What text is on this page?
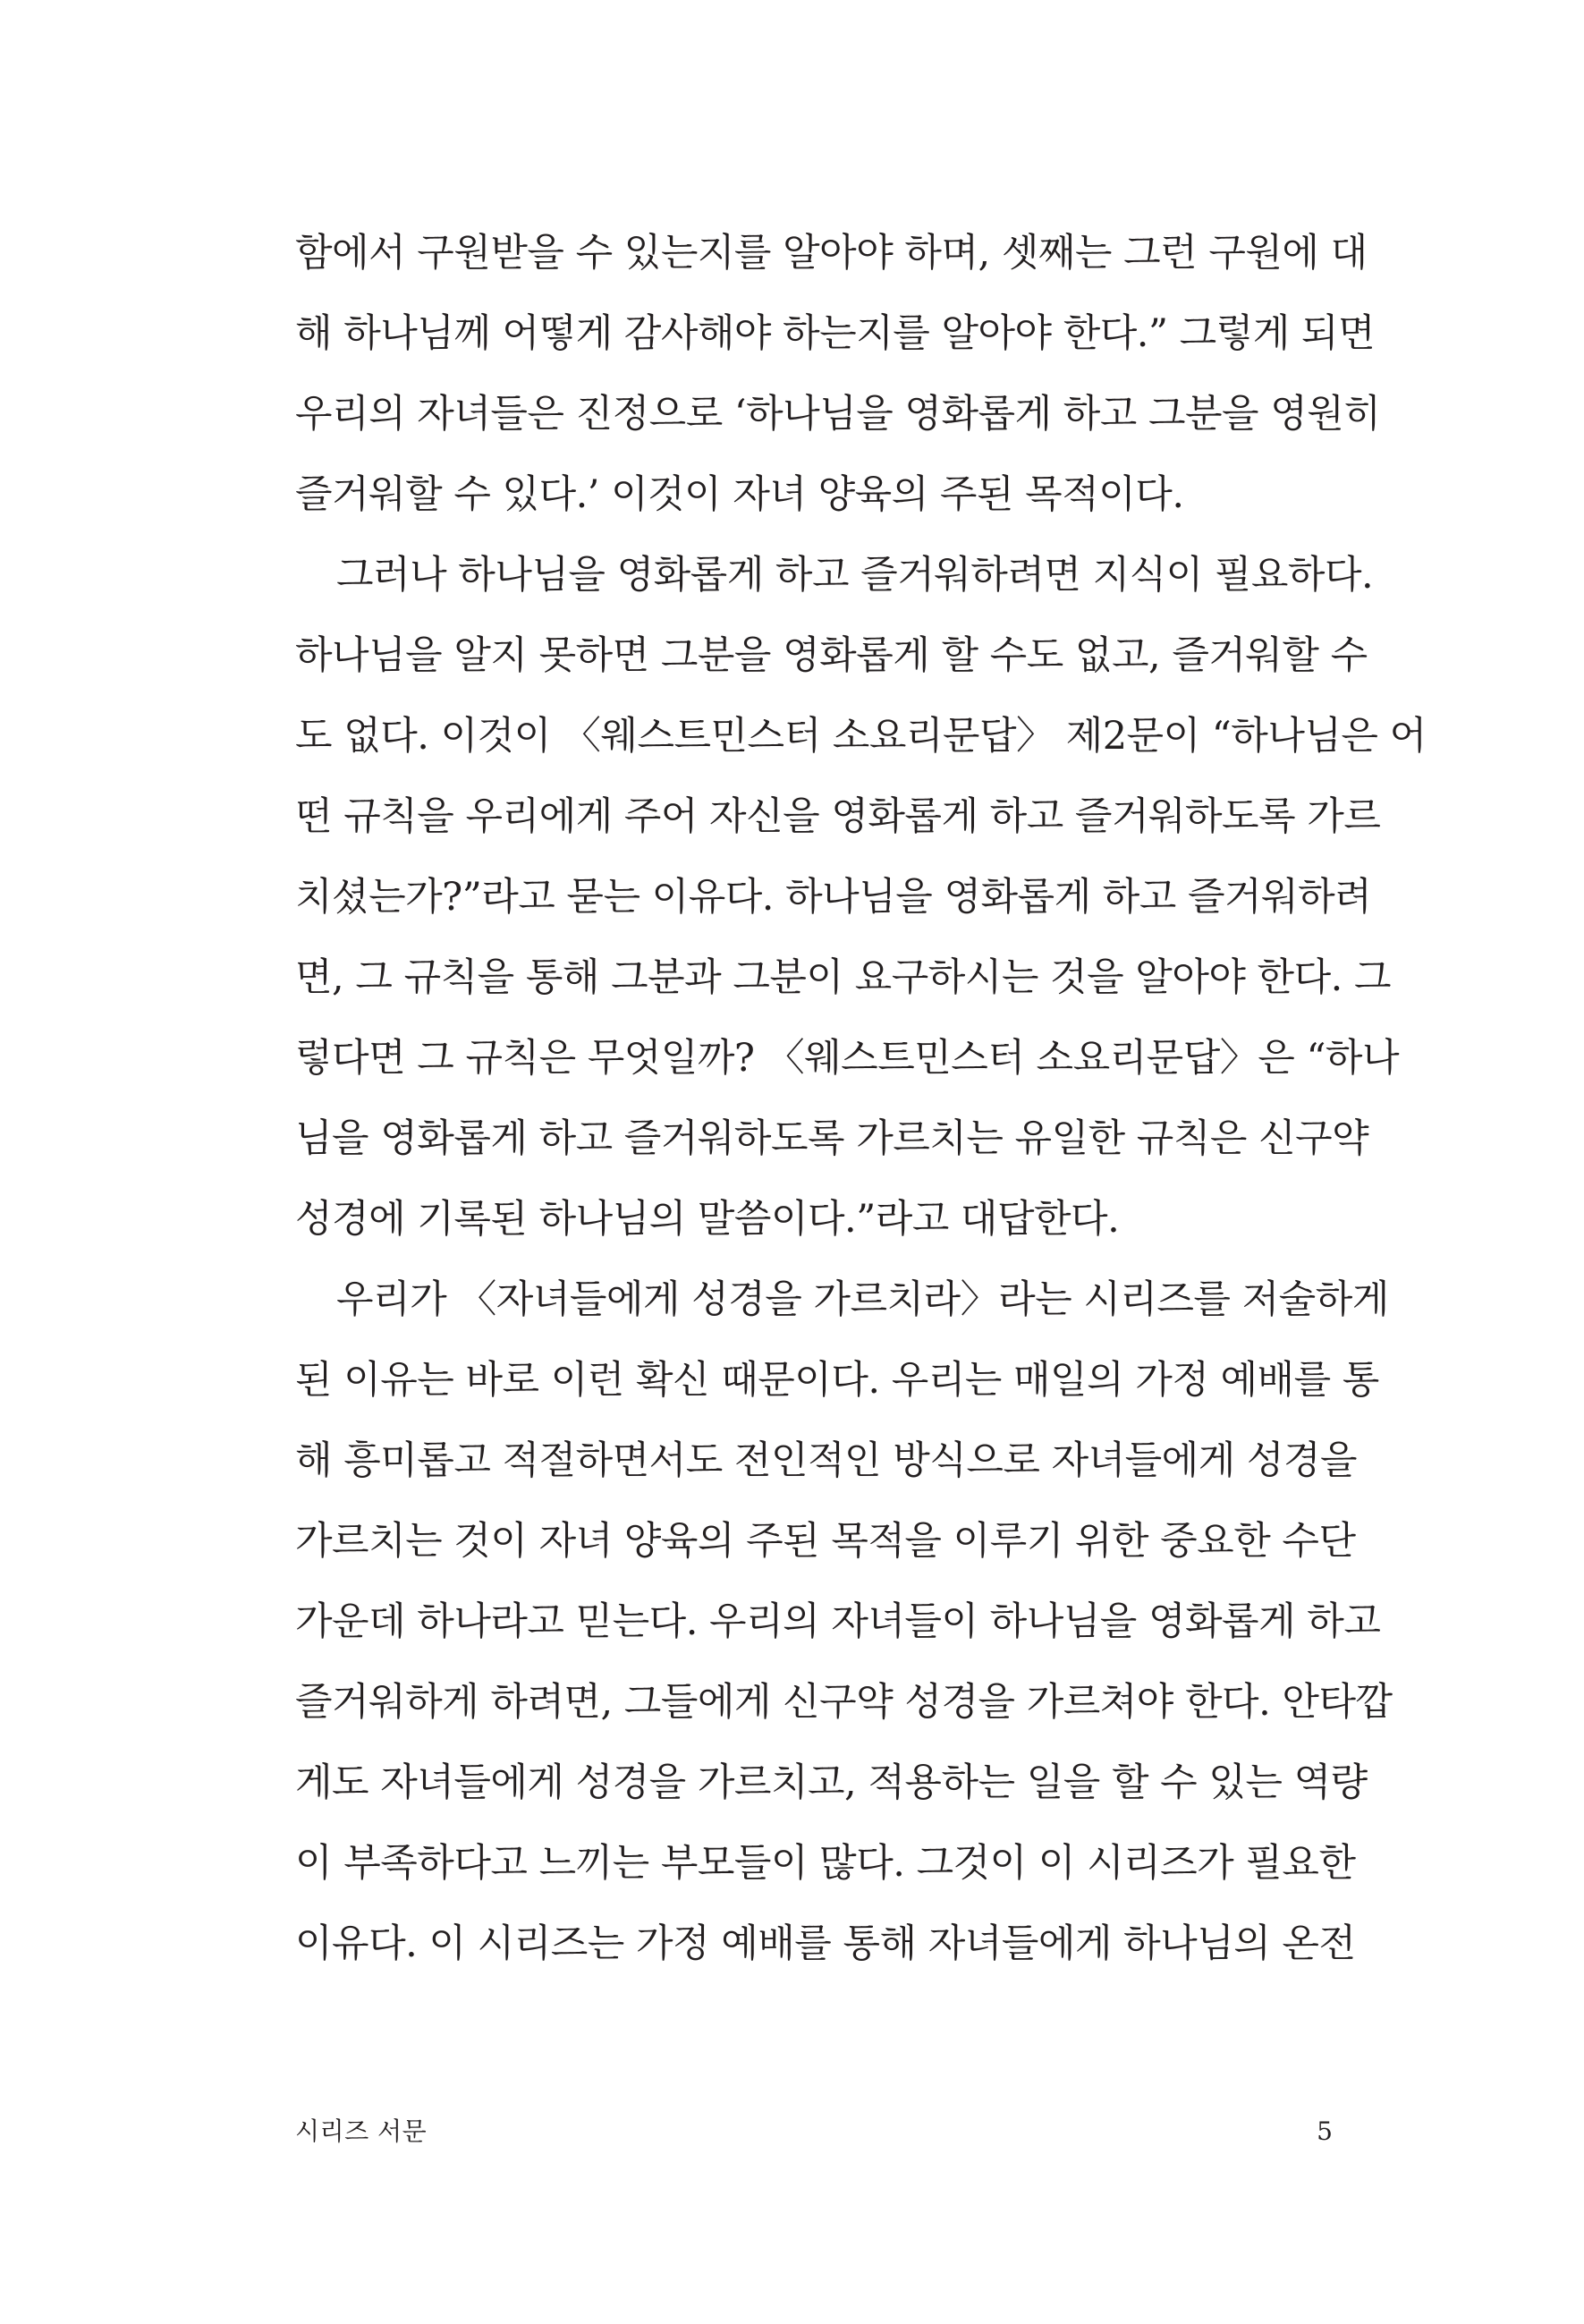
함에서 구원받을 수 있는지를 알아야 하며, 셋째는 그런 구원에 대
해 하나님께 어떻게 감사해야 하는지를 알아야 한다.” 그렇게 되면
우리의 자녀들은 진정으로 ‘하나님을 영화롭게 하고 그분을 영원히
즐거워할 수 있다.’ 이것이 자녀 양육의 주된 목적이다.
그러나 하나님을 영화롭게 하고 즐거워하려면 지식이 필요하다.
하나님을 알지 못하면 그분을 영화롭게 할 수도 없고, 즐거워할 수
도 없다. 이것이 〈웨스트민스터 소요리문답〉 제2문이 “하나님은 어
떤 규칙을 우리에게 주어 자신을 영화롭게 하고 즐거워하도록 가르
치셨는가?”라고 묻는 이유다. 하나님을 영화롭게 하고 즐거워하려
면, 그 규칙을 통해 그분과 그분이 요구하시는 것을 알아야 한다. 그
렇다면 그 규칙은 무엇일까? 〈웨스트민스터 소요리문답〉은 “하나
님을 영화롭게 하고 즐거워하도록 가르치는 유일한 규칙은 신구약
성경에 기록된 하나님의 말씀이다.”라고 대답한다.
우리가 〈자녀들에게 성경을 가르치라〉라는 시리즈를 저술하게
된 이유는 바로 이런 확신 때문이다. 우리는 매일의 가정 예배를 통
해 흥미롭고 적절하면서도 전인적인 방식으로 자녀들에게 성경을
가르치는 것이 자녀 양육의 주된 목적을 이루기 위한 중요한 수단
가운데 하나라고 믿는다. 우리의 자녀들이 하나님을 영화롭게 하고
즐거워하게 하려면, 그들에게 신구약 성경을 가르쳐야 한다. 안타깝
게도 자녀들에게 성경을 가르치고, 적용하는 일을 할 수 있는 역량
이 부족하다고 느끼는 부모들이 많다. 그것이 이 시리즈가 필요한
이유다. 이 시리즈는 가정 예배를 통해 자녀들에게 하나님의 온전
시리즈 서문	5
